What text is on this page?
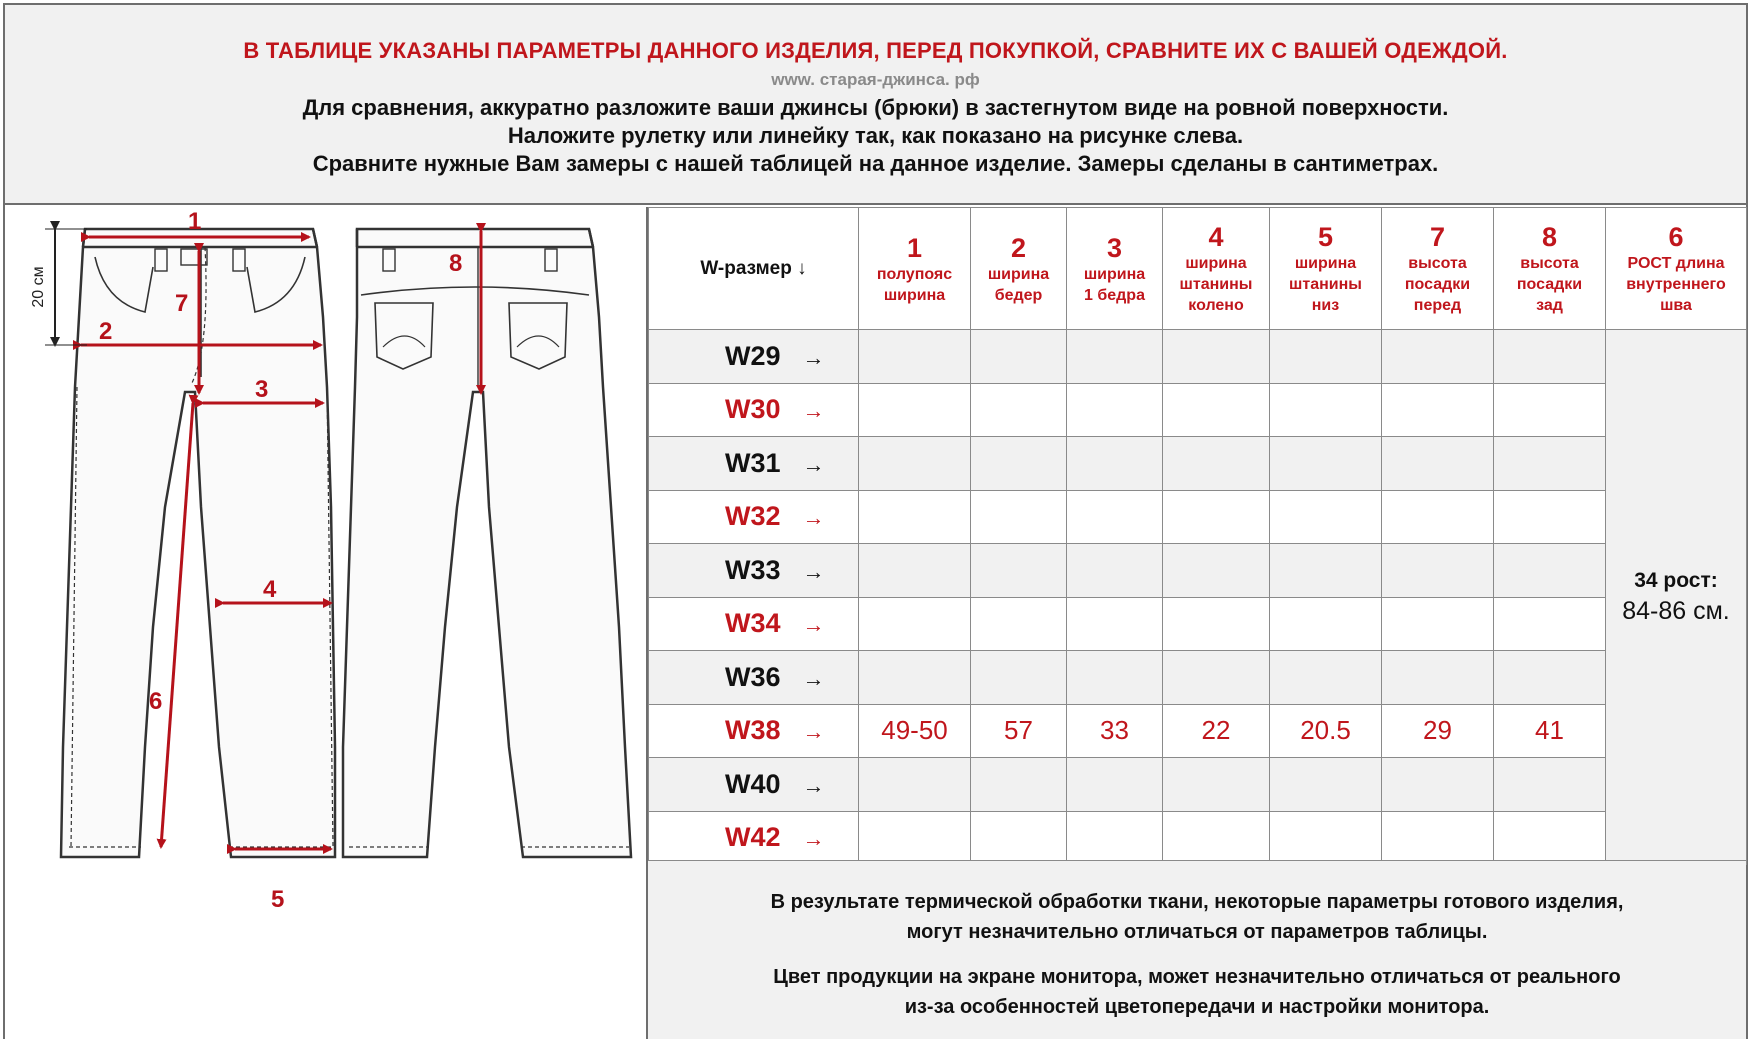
В ТАБЛИЦЕ УКАЗАНЫ ПАРАМЕТРЫ ДАННОГО ИЗДЕЛИЯ, ПЕРЕД ПОКУПКОЙ, СРАВНИТЕ ИХ С ВАШЕЙ ОДЕЖДОЙ.
www. старая-джинса. рф
Для сравнения, аккуратно разложите ваши джинсы (брюки) в застегнутом виде на ровной поверхности.
Наложите рулетку или линейку так, как показано на рисунке слева.
Сравните нужные Вам замеры с нашей таблицей на данное изделие. Замеры сделаны в сантиметрах.
20 см
1
2
3
4
5
6
7
8	W-размер ↓	1
полупояс
ширина	2
ширина
бедер	3
ширина
1 бедра	4
ширина
штанины
колено	5
ширина
штанины
низ	7
высота
посадки
перед	8
высота
посадки
зад	6
РОСТ длина
внутреннего
шва

W29 →								34 рост:
84-86 см.

W30 →								
W31 →								
W32 →								
W33 →								
W34 →								
W36 →								
W38 →	49-50	57	33	22	20.5	29	41	
W40 →								
W42 →								
В результате термической обработки ткани, некоторые параметры готового изделия,
могут незначительно отличаться от параметров таблицы.
Цвет продукции на экране монитора, может незначительно отличаться от реального
из-за особенностей цветопередачи и настройки монитора.
